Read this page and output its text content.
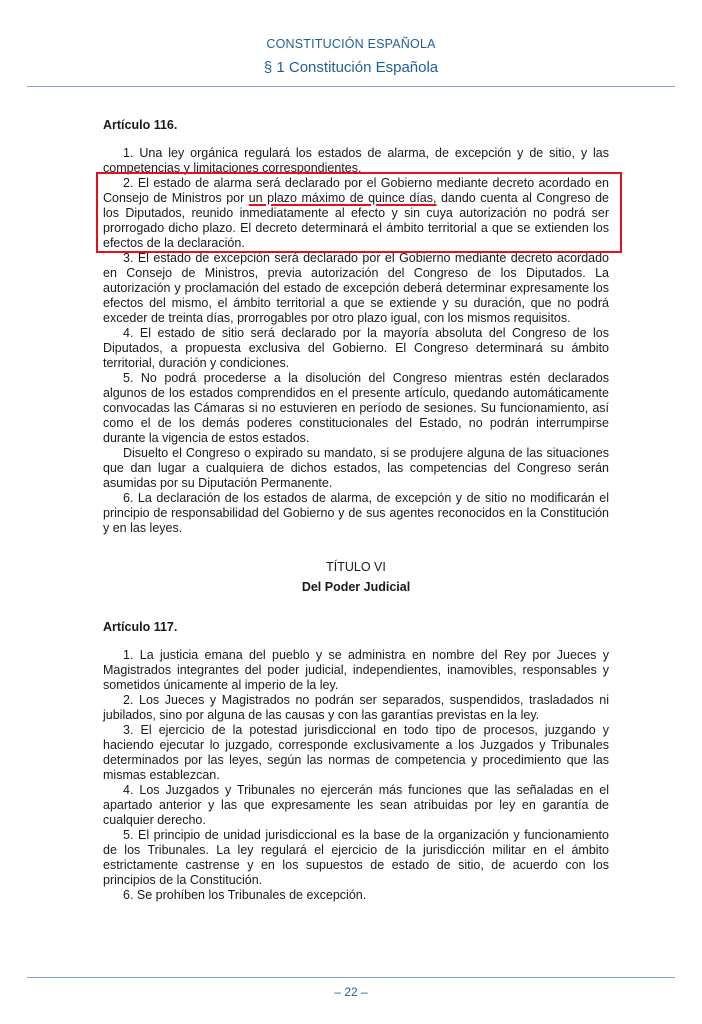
CONSTITUCIÓN ESPAÑOLA
§ 1 Constitución Española

Artículo 116.

1. Una ley orgánica regulará los estados de alarma, de excepción y de sitio, y las competencias y limitaciones correspondientes.

2. El estado de alarma será declarado por el Gobierno mediante decreto acordado en Consejo de Ministros por un plazo máximo de quince días, dando cuenta al Congreso de los Diputados, reunido inmediatamente al efecto y sin cuya autorización no podrá ser prorrogado dicho plazo. El decreto determinará el ámbito territorial a que se extienden los efectos de la declaración.

3. El estado de excepción será declarado por el Gobierno mediante decreto acordado en Consejo de Ministros, previa autorización del Congreso de los Diputados. La autorización y proclamación del estado de excepción deberá determinar expresamente los efectos del mismo, el ámbito territorial a que se extiende y su duración, que no podrá exceder de treinta días, prorrogables por otro plazo igual, con los mismos requisitos.

4. El estado de sitio será declarado por la mayoría absoluta del Congreso de los Diputados, a propuesta exclusiva del Gobierno. El Congreso determinará su ámbito territorial, duración y condiciones.

5. No podrá procederse a la disolución del Congreso mientras estén declarados algunos de los estados comprendidos en el presente artículo, quedando automáticamente convocadas las Cámaras si no estuvieren en período de sesiones. Su funcionamiento, así como el de los demás poderes constitucionales del Estado, no podrán interrumpirse durante la vigencia de estos estados.

Disuelto el Congreso o expirado su mandato, si se produjere alguna de las situaciones que dan lugar a cualquiera de dichos estados, las competencias del Congreso serán asumidas por su Diputación Permanente.

6. La declaración de los estados de alarma, de excepción y de sitio no modificarán el principio de responsabilidad del Gobierno y de sus agentes reconocidos en la Constitución y en las leyes.

TÍTULO VI

Del Poder Judicial

Artículo 117.

1. La justicia emana del pueblo y se administra en nombre del Rey por Jueces y Magistrados integrantes del poder judicial, independientes, inamovibles, responsables y sometidos únicamente al imperio de la ley.

2. Los Jueces y Magistrados no podrán ser separados, suspendidos, trasladados ni jubilados, sino por alguna de las causas y con las garantías previstas en la ley.

3. El ejercicio de la potestad jurisdiccional en todo tipo de procesos, juzgando y haciendo ejecutar lo juzgado, corresponde exclusivamente a los Juzgados y Tribunales determinados por las leyes, según las normas de competencia y procedimiento que las mismas establezcan.

4. Los Juzgados y Tribunales no ejercerán más funciones que las señaladas en el apartado anterior y las que expresamente les sean atribuidas por ley en garantía de cualquier derecho.

5. El principio de unidad jurisdiccional es la base de la organización y funcionamiento de los Tribunales. La ley regulará el ejercicio de la jurisdicción militar en el ámbito estrictamente castrense y en los supuestos de estado de sitio, de acuerdo con los principios de la Constitución.

6. Se prohíben los Tribunales de excepción.

– 22 –
